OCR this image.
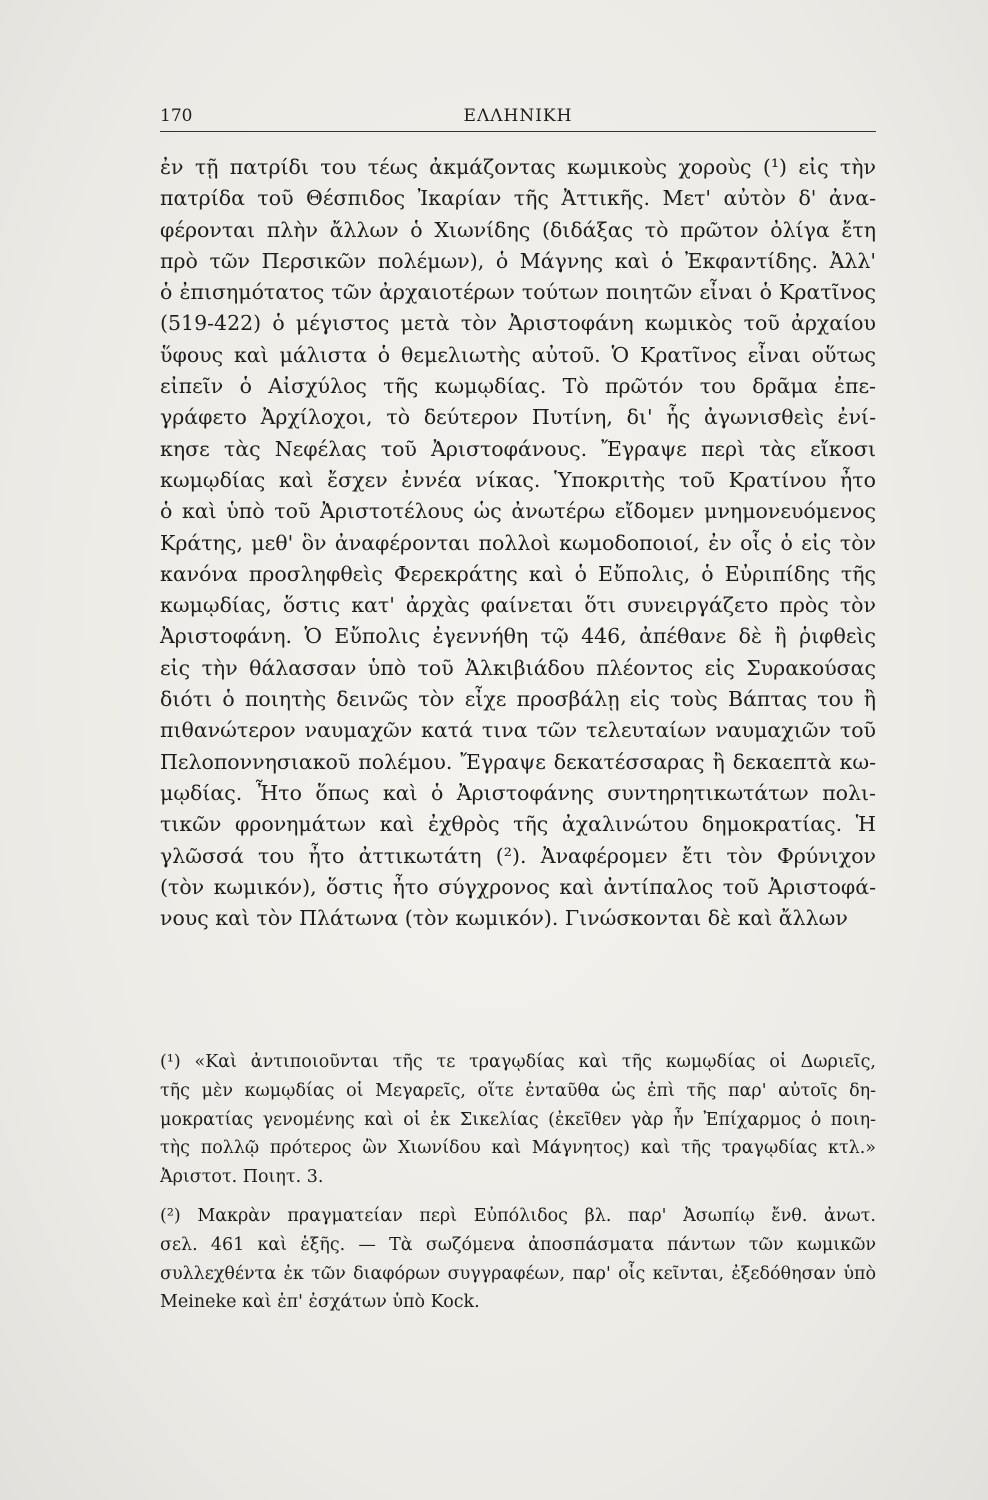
170	ΕΛΛΗΝΙΚΗ
ἐν τῇ πατρίδι του τέως ἀκμάζοντας κωμικοὺς χοροὺς (¹) εἰς τὴν
πατρίδα τοῦ Θέσπιδος Ἰκαρίαν τῆς Ἀττικῆς. Μετ' αὐτὸν δ' ἀνα-
φέρονται πλὴν ἄλλων ὁ Χιωνίδης (διδάξας τὸ πρῶτον ὀλίγα ἔτη
πρὸ τῶν Περσικῶν πολέμων), ὁ Μάγνης καὶ ὁ Ἐκφαντίδης. Ἀλλ'
ὁ ἐπισημότατος τῶν ἀρχαιοτέρων τούτων ποιητῶν εἶναι ὁ Κρατῖνος
(519-422) ὁ μέγιστος μετὰ τὸν Ἀριστοφάνη κωμικὸς τοῦ ἀρχαίου
ὕφους καὶ μάλιστα ὁ θεμελιωτὴς αὐτοῦ. Ὁ Κρατῖνος εἶναι οὕτως
εἰπεῖν ὁ Αἰσχύλος τῆς κωμῳδίας. Τὸ πρῶτόν του δρᾶμα ἐπε-
γράφετο Ἀρχίλοχοι, τὸ δεύτερον Πυτίνη, δι' ἧς ἀγωνισθεὶς ἐνί-
κησε τὰς Νεφέλας τοῦ Ἀριστοφάνους. Ἔγραψε περὶ τὰς εἴκοσι
κωμῳδίας καὶ ἔσχεν ἐννέα νίκας. Ὑποκριτὴς τοῦ Κρατίνου ἦτο
ὁ καὶ ὑπὸ τοῦ Ἀριστοτέλους ὡς ἀνωτέρω εἴδομεν μνημονευόμενος
Κράτης, μεθ' ὃν ἀναφέρονται πολλοὶ κωμοδοποιοί, ἐν οἷς ὁ εἰς τὸν
κανόνα προσληφθεὶς Φερεκράτης καὶ ὁ Εὔπολις, ὁ Εὐριπίδης τῆς
κωμῳδίας, ὅστις κατ' ἀρχὰς φαίνεται ὅτι συνειργάζετο πρὸς τὸν
Ἀριστοφάνη. Ὁ Εὔπολις ἐγεννήθη τῷ 446, ἀπέθανε δὲ ἢ ῥιφθεὶς
εἰς τὴν θάλασσαν ὑπὸ τοῦ Ἀλκιβιάδου πλέοντος εἰς Συρακούσας
διότι ὁ ποιητὴς δεινῶς τὸν εἶχε προσβάλῃ εἰς τοὺς Βάπτας του ἢ
πιθανώτερον ναυμαχῶν κατά τινα τῶν τελευταίων ναυμαχιῶν τοῦ
Πελοποννησιακοῦ πολέμου. Ἔγραψε δεκατέσσαρας ἢ δεκαεπτὰ κω-
μῳδίας. Ἦτο ὅπως καὶ ὁ Ἀριστοφάνης συντηρητικωτάτων πολι-
τικῶν φρονημάτων καὶ ἐχθρὸς τῆς ἀχαλινώτου δημοκρατίας. Ἡ
γλῶσσά του ἦτο ἀττικωτάτη (²). Ἀναφέρομεν ἔτι τὸν Φρύνιχον
(τὸν κωμικόν), ὅστις ἦτο σύγχρονος καὶ ἀντίπαλος τοῦ Ἀριστοφά-
νους καὶ τὸν Πλάτωνα (τὸν κωμικόν). Γινώσκονται δὲ καὶ ἄλλων
(¹) «Καὶ ἀντιποιοῦνται τῆς τε τραγῳδίας καὶ τῆς κωμῳδίας οἱ Δωριεῖς,
τῆς μὲν κωμῳδίας οἱ Μεγαρεῖς, οἵτε ἐνταῦθα ὡς ἐπὶ τῆς παρ' αὐτοῖς δη-
μοκρατίας γενομένης καὶ οἱ ἐκ Σικελίας (ἐκεῖθεν γὰρ ἦν Ἐπίχαρμος ὁ ποιη-
τὴς πολλῷ πρότερος ὢν Χιωνίδου καὶ Μάγνητος) καὶ τῆς τραγῳδίας κτλ.»
Ἀριστοτ. Ποιητ. 3.
(²) Μακρὰν πραγματείαν περὶ Εὐπόλιδος βλ. παρ' Ἀσωπίῳ ἔνθ. ἀνωτ.
σελ. 461 καὶ ἑξῆς. — Τὰ σωζόμενα ἀποσπάσματα πάντων τῶν κωμικῶν
συλλεχθέντα ἐκ τῶν διαφόρων συγγραφέων, παρ' οἷς κεῖνται, ἐξεδόθησαν ὑπὸ
Meineke καὶ ἐπ' ἐσχάτων ὑπὸ Kock.
